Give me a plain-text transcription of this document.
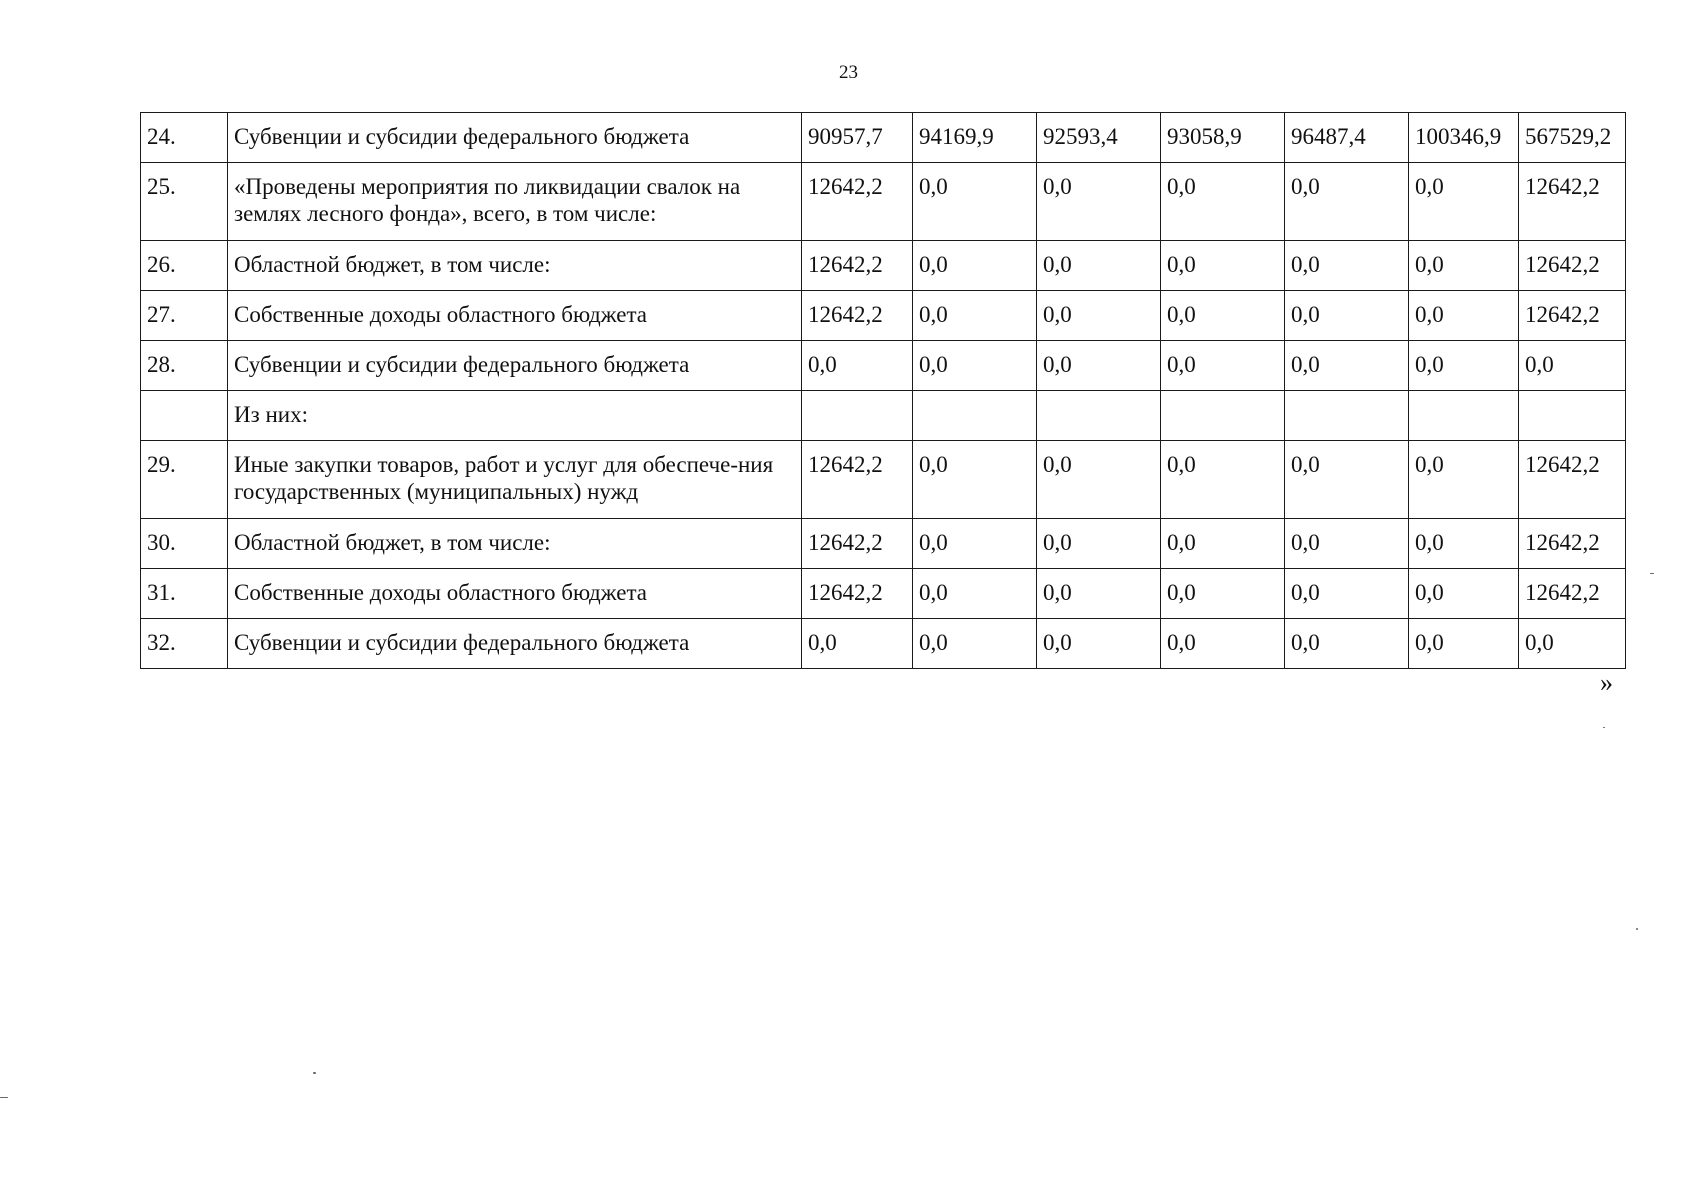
23
24.	Субвенции и субсидии федерального бюджета	90957,7	94169,9	92593,4	93058,9	96487,4	100346,9	567529,2
25.	«Проведены мероприятия по ликвидации свалок на землях лесного фонда», всего, в том числе:	12642,2	0,0	0,0	0,0	0,0	0,0	12642,2
26.	Областной бюджет, в том числе:	12642,2	0,0	0,0	0,0	0,0	0,0	12642,2
27.	Собственные доходы областного бюджета	12642,2	0,0	0,0	0,0	0,0	0,0	12642,2
28.	Субвенции и субсидии федерального бюджета	0,0	0,0	0,0	0,0	0,0	0,0	0,0
	Из них:							
29.	Иные закупки товаров, работ и услуг для обеспече-ния государственных (муниципальных) нужд	12642,2	0,0	0,0	0,0	0,0	0,0	12642,2
30.	Областной бюджет, в том числе:	12642,2	0,0	0,0	0,0	0,0	0,0	12642,2
31.	Собственные доходы областного бюджета	12642,2	0,0	0,0	0,0	0,0	0,0	12642,2
32.	Субвенции и субсидии федерального бюджета	0,0	0,0	0,0	0,0	0,0	0,0	0,0
»
